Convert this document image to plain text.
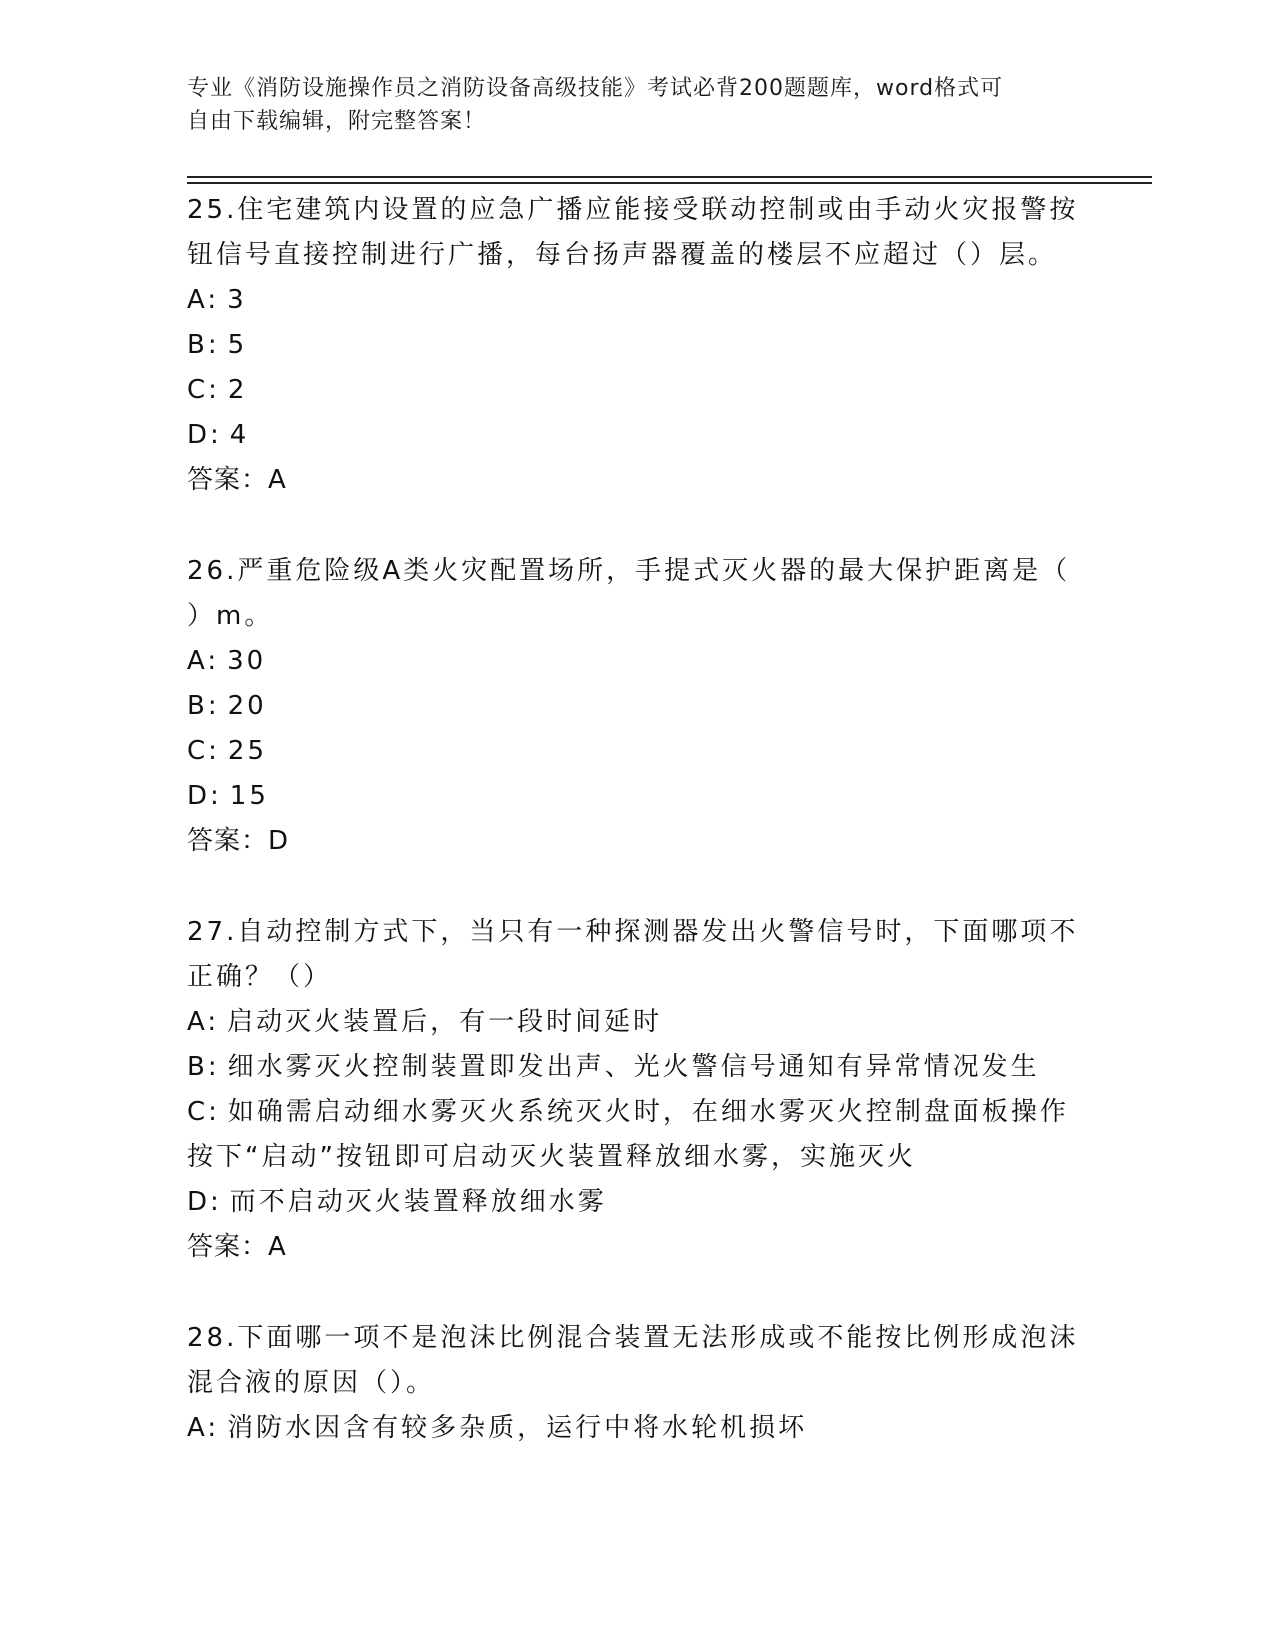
专业《消防设施操作员之消防设备高级技能》考试必背200题题库，word格式可
自由下载编辑，附完整答案！
25.住宅建筑内设置的应急广播应能接受联动控制或由手动火灾报警按
钮信号直接控制进行广播，每台扬声器覆盖的楼层不应超过（）层。
A: 3
B: 5
C: 2
D: 4
答案：A
26.严重危险级A类火灾配置场所，手提式灭火器的最大保护距离是（
）m。
A: 30
B: 20
C: 25
D: 15
答案：D
27.自动控制方式下，当只有一种探测器发出火警信号时，下面哪项不
正确？（）
A: 启动灭火装置后，有一段时间延时
B: 细水雾灭火控制装置即发出声、光火警信号通知有异常情况发生
C: 如确需启动细水雾灭火系统灭火时，在细水雾灭火控制盘面板操作
按下“启动”按钮即可启动灭火装置释放细水雾，实施灭火
D: 而不启动灭火装置释放细水雾
答案：A
28.下面哪一项不是泡沫比例混合装置无法形成或不能按比例形成泡沫
混合液的原因（）。
A: 消防水因含有较多杂质，运行中将水轮机损坏
